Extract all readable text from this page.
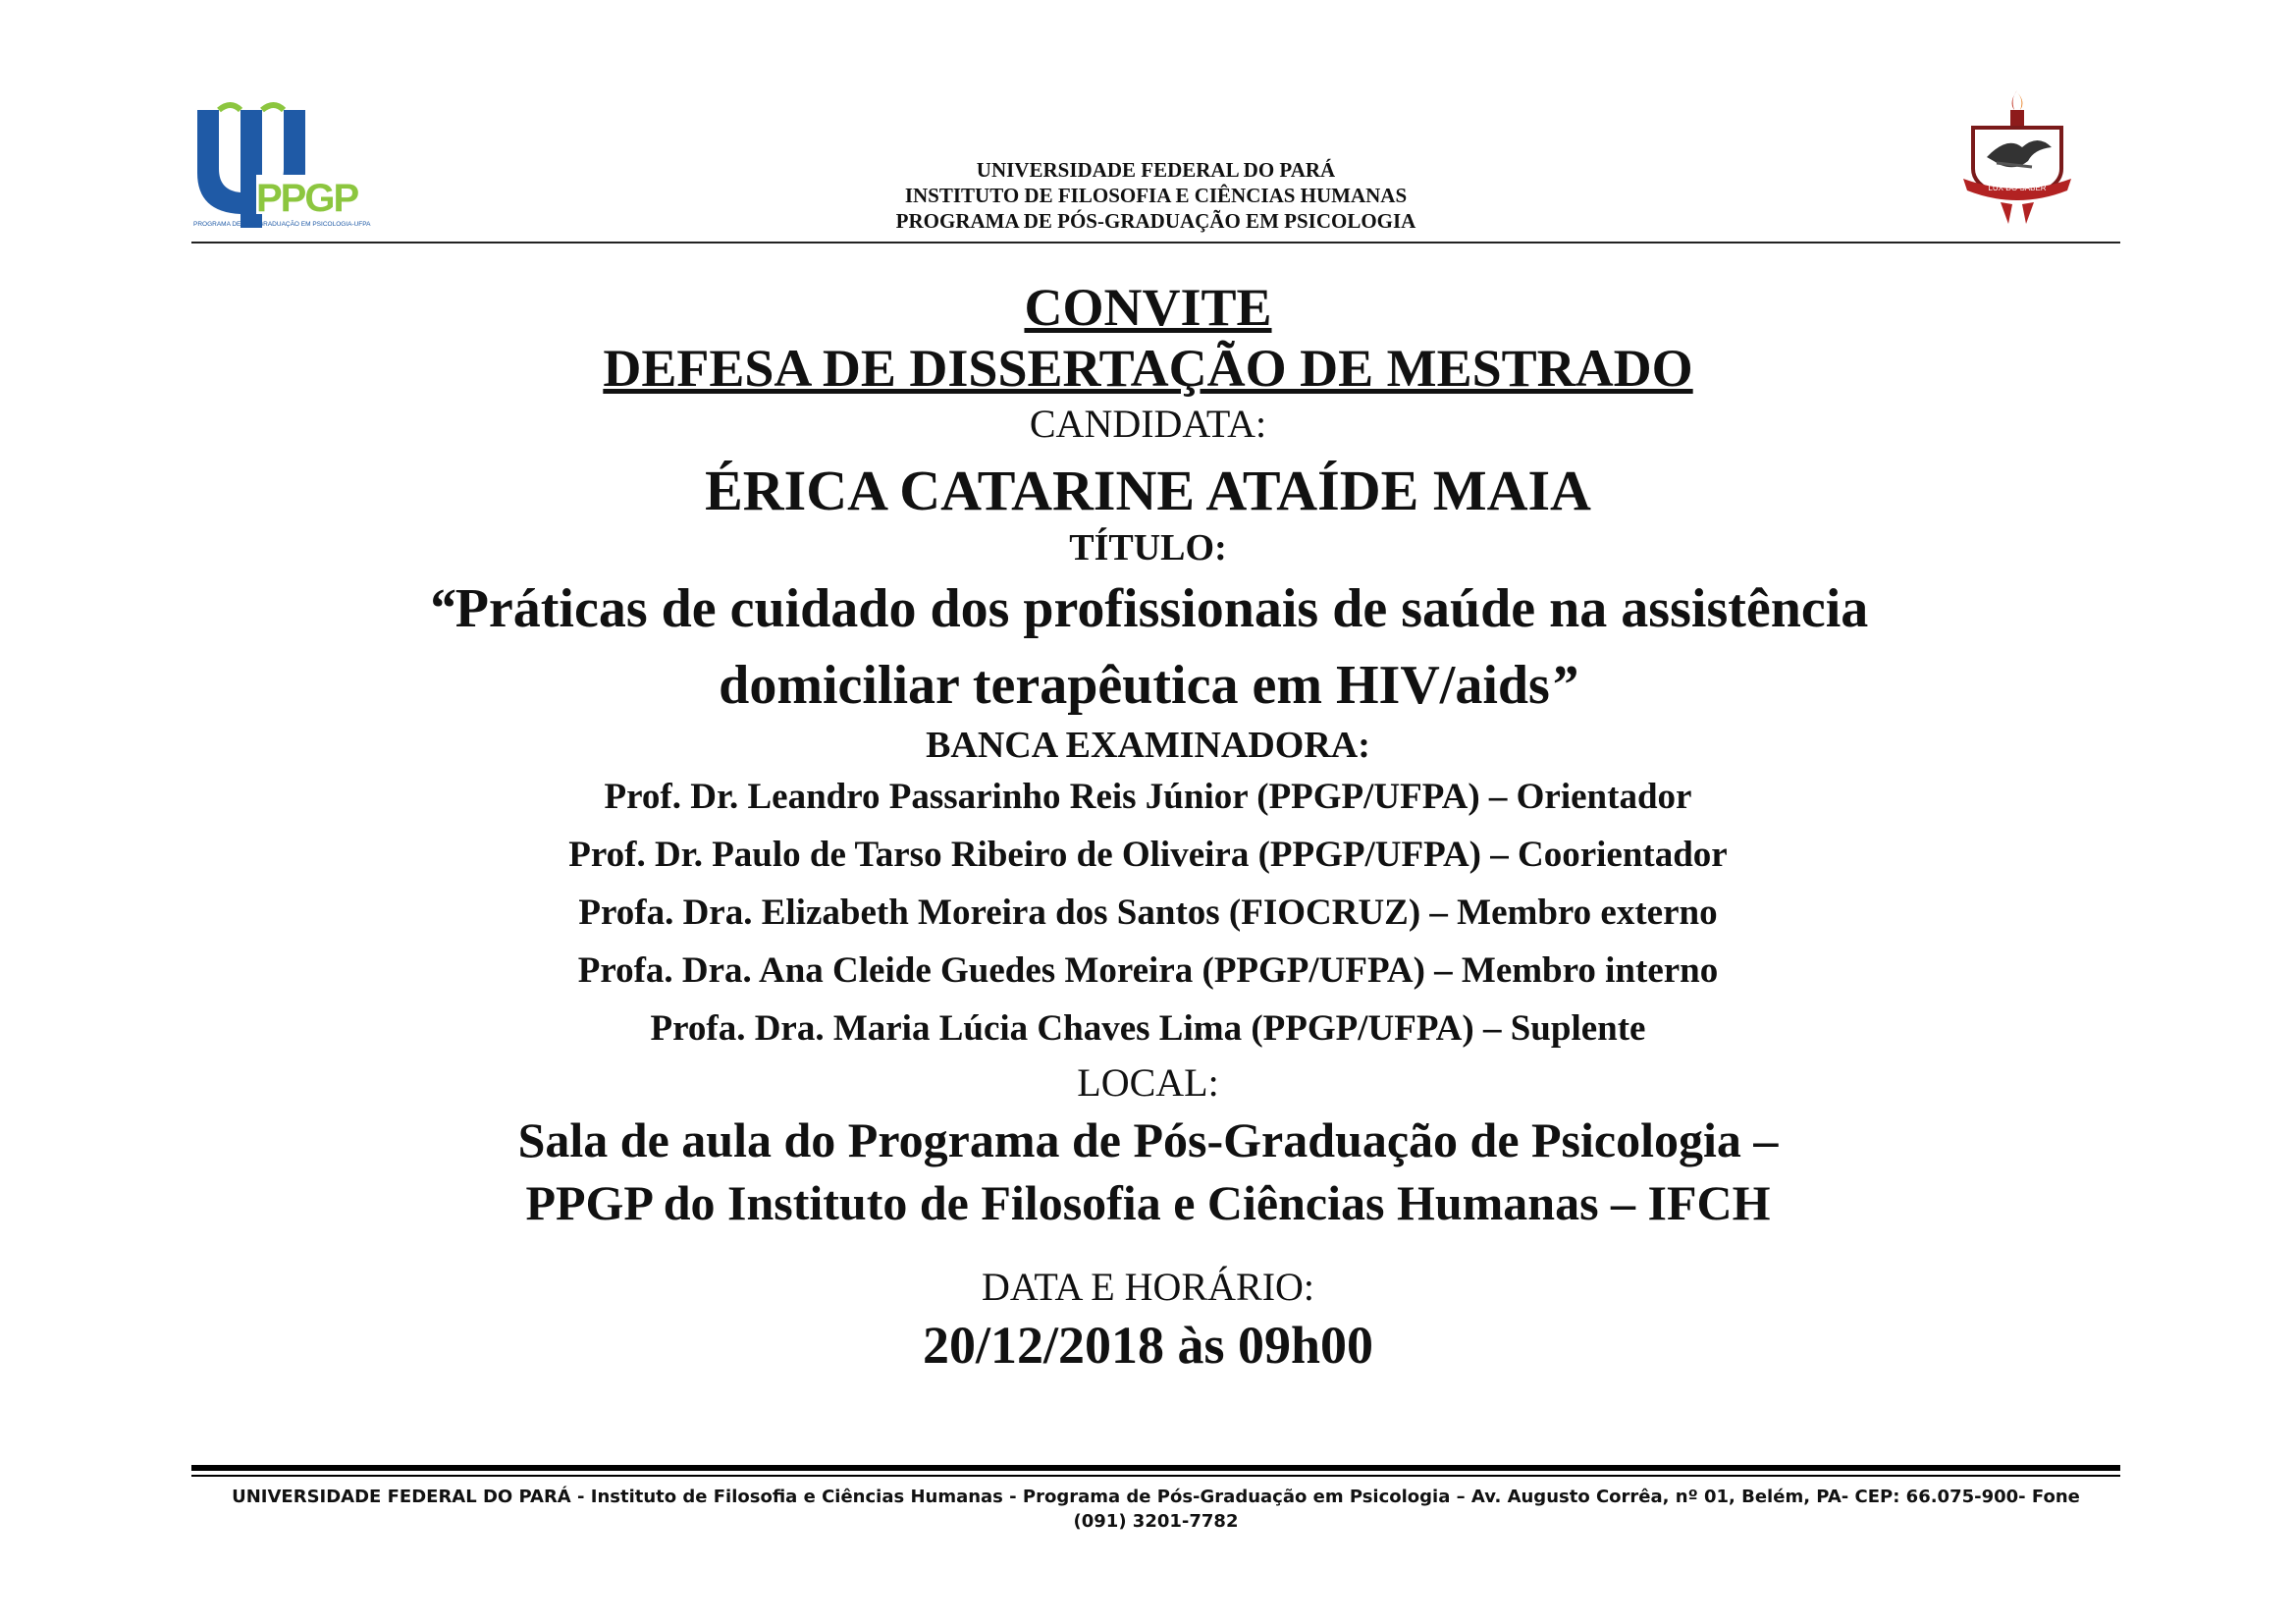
PPGP
PROGRAMA DE PÓS-GRADUAÇÃO EM PSICOLOGIA-UFPA
UNIVERSIDADE FEDERAL DO PARÁ
INSTITUTO DE FILOSOFIA E CIÊNCIAS HUMANAS
PROGRAMA DE PÓS-GRADUAÇÃO EM PSICOLOGIA
LUX DO SABER
CONVITE
DEFESA DE DISSERTAÇÃO DE MESTRADO
CANDIDATA:
ÉRICA CATARINE ATAÍDE MAIA
TÍTULO:
“Práticas de cuidado dos profissionais de saúde na assistência
domiciliar terapêutica em HIV/aids”
BANCA EXAMINADORA:
Prof. Dr. Leandro Passarinho Reis Júnior (PPGP/UFPA) – Orientador
Prof. Dr. Paulo de Tarso Ribeiro de Oliveira (PPGP/UFPA) – Coorientador
Profa. Dra. Elizabeth Moreira dos Santos (FIOCRUZ) – Membro externo
Profa. Dra. Ana Cleide Guedes Moreira (PPGP/UFPA) – Membro interno
Profa. Dra. Maria Lúcia Chaves Lima (PPGP/UFPA) – Suplente
LOCAL:
Sala de aula do Programa de Pós-Graduação de Psicologia –
PPGP do Instituto de Filosofia e Ciências Humanas – IFCH
DATA E HORÁRIO:
20/12/2018 às 09h00
UNIVERSIDADE FEDERAL DO PARÁ - Instituto de Filosofia e Ciências Humanas - Programa de Pós-Graduação em Psicologia – Av. Augusto Corrêa, nº 01, Belém, PA- CEP: 66.075-900- Fone
(091) 3201-7782
